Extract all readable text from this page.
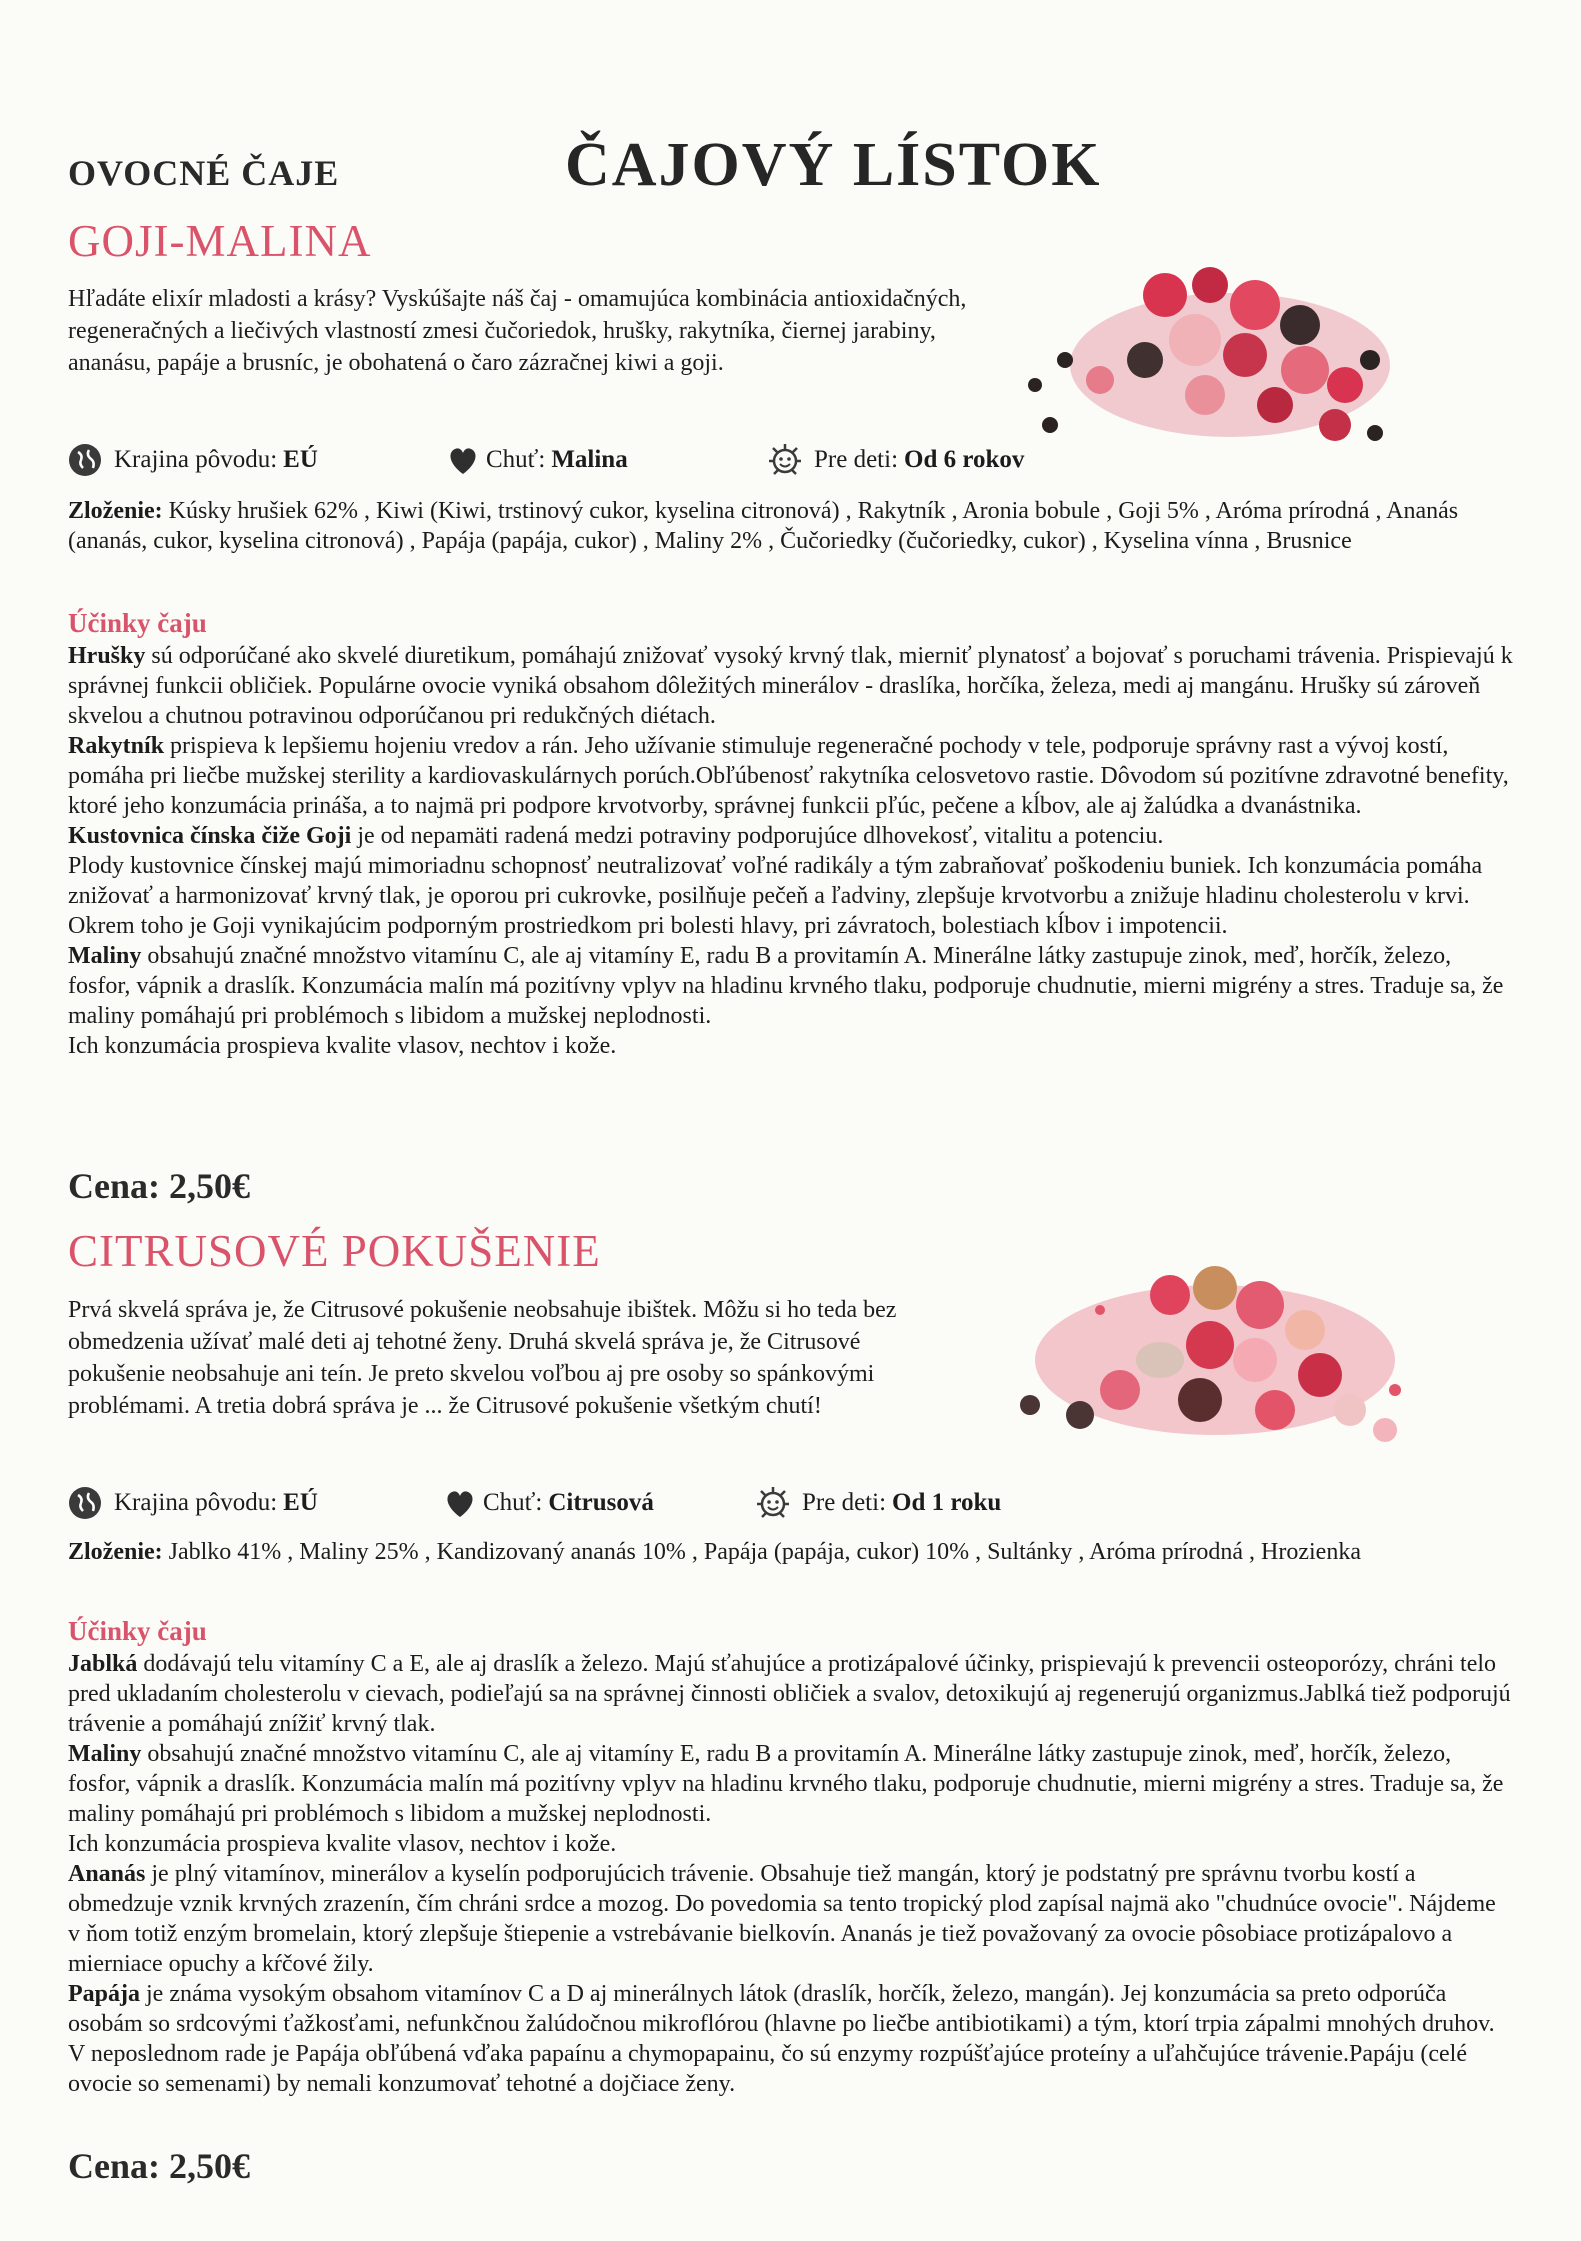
OVOCNÉ ČAJE	ČAJOVÝ LÍSTOK
GOJI-MALINA
Hľadáte elixír mladosti a krásy? Vyskúšajte náš čaj - omamujúca kombinácia antioxidačných, regeneračných a liečivých vlastností zmesi čučoriedok, hrušky, rakytníka, čiernej jarabiny, ananásu, papáje a brusníc, je obohatená o čaro zázračnej kiwi a goji.
Krajina pôvodu: EÚ	Chuť: Malina	Pre deti: Od 6 rokov
Zloženie: Kúsky hrušiek 62% , Kiwi (Kiwi, trstinový cukor, kyselina citronová) , Rakytník , Aronia bobule , Goji 5% , Aróma prírodná , Ananás (ananás, cukor, kyselina citronová) , Papája (papája, cukor) , Maliny 2% , Čučoriedky (čučoriedky, cukor) , Kyselina vínna , Brusnice
Účinky čaju

Hrušky sú odporúčané ako skvelé diuretikum, pomáhajú znižovať vysoký krvný tlak, mierniť plynatosť a bojovať s poruchami trávenia. Prispievajú k správnej funkcii obličiek. Populárne ovocie vyniká obsahom dôležitých minerálov - draslíka, horčíka, železa, medi aj mangánu. Hrušky sú zároveň skvelou a chutnou potravinou odporúčanou pri redukčných diétach.

Rakytník prispieva k lepšiemu hojeniu vredov a rán. Jeho užívanie stimuluje regeneračné pochody v tele, podporuje správny rast a vývoj kostí, pomáha pri liečbe mužskej sterility a kardiovaskulárnych porúch.Obľúbenosť rakytníka celosvetovo rastie. Dôvodom sú pozitívne zdravotné benefity, ktoré jeho konzumácia prináša, a to najmä pri podpore krvotvorby, správnej funkcii pľúc, pečene a kĺbov, ale aj žalúdka a dvanástnika.

Kustovnica čínska čiže Goji je od nepamäti radená medzi potraviny podporujúce dlhovekosť, vitalitu a potenciu.

Plody kustovnice čínskej majú mimoriadnu schopnosť neutralizovať voľné radikály a tým zabraňovať poškodeniu buniek. Ich konzumácia pomáha znižovať a harmonizovať krvný tlak, je oporou pri cukrovke, posilňuje pečeň a ľadviny, zlepšuje krvotvorbu a znižuje hladinu cholesterolu v krvi. Okrem toho je Goji vynikajúcim podporným prostriedkom pri bolesti hlavy, pri závratoch, bolestiach kĺbov i impotencii.

Maliny obsahujú značné množstvo vitamínu C, ale aj vitamíny E, radu B a provitamín A. Minerálne látky zastupuje zinok, meď, horčík, železo, fosfor, vápnik a draslík. Konzumácia malín má pozitívny vplyv na hladinu krvného tlaku, podporuje chudnutie, mierni migrény a stres. Traduje sa, že maliny pomáhajú pri problémoch s libidom a mužskej neplodnosti.

Ich konzumácia prospieva kvalite vlasov, nechtov i kože.

Cena: 2,50€
CITRUSOVÉ POKUŠENIE
Prvá skvelá správa je, že Citrusové pokušenie neobsahuje ibištek. Môžu si ho teda bez obmedzenia užívať malé deti aj tehotné ženy. Druhá skvelá správa je, že Citrusové pokušenie neobsahuje ani teín. Je preto skvelou voľbou aj pre osoby so spánkovými problémami. A tretia dobrá správa je ... že Citrusové pokušenie všetkým chutí!
Krajina pôvodu: EÚ	Chuť: Citrusová	Pre deti: Od 1 roku
Zloženie: Jablko 41% , Maliny 25% , Kandizovaný ananás 10% , Papája (papája, cukor) 10% , Sultánky , Aróma prírodná , Hrozienka
Účinky čaju

Jablká dodávajú telu vitamíny C a E, ale aj draslík a železo. Majú sťahujúce a protizápalové účinky, prispievajú k prevencii osteoporózy, chráni telo pred ukladaním cholesterolu v cievach, podieľajú sa na správnej činnosti obličiek a svalov, detoxikujú aj regenerujú organizmus.Jablká tiež podporujú trávenie a pomáhajú znížiť krvný tlak.

Maliny obsahujú značné množstvo vitamínu C, ale aj vitamíny E, radu B a provitamín A. Minerálne látky zastupuje zinok, meď, horčík, železo, fosfor, vápnik a draslík. Konzumácia malín má pozitívny vplyv na hladinu krvného tlaku, podporuje chudnutie, mierni migrény a stres. Traduje sa, že maliny pomáhajú pri problémoch s libidom a mužskej neplodnosti.

Ich konzumácia prospieva kvalite vlasov, nechtov i kože.

Ananás je plný vitamínov, minerálov a kyselín podporujúcich trávenie. Obsahuje tiež mangán, ktorý je podstatný pre správnu tvorbu kostí a obmedzuje vznik krvných zrazenín, čím chráni srdce a mozog. Do povedomia sa tento tropický plod zapísal najmä ako "chudnúce ovocie". Nájdeme v ňom totiž enzým bromelain, ktorý zlepšuje štiepenie a vstrebávanie bielkovín. Ananás je tiež považovaný za ovocie pôsobiace protizápalovo a mierniace opuchy a kŕčové žily.

Papája je známa vysokým obsahom vitamínov C a D aj minerálnych látok (draslík, horčík, železo, mangán). Jej konzumácia sa preto odporúča osobám so srdcovými ťažkosťami, nefunkčnou žalúdočnou mikroflórou (hlavne po liečbe antibiotikami) a tým, ktorí trpia zápalmi mnohých druhov. V neposlednom rade je Papája obľúbená vďaka papaínu a chymopapainu, čo sú enzymy rozpúšťajúce proteíny a uľahčujúce trávenie.Papáju (celé ovocie so semenami) by nemali konzumovať tehotné a dojčiace ženy.

Cena: 2,50€
